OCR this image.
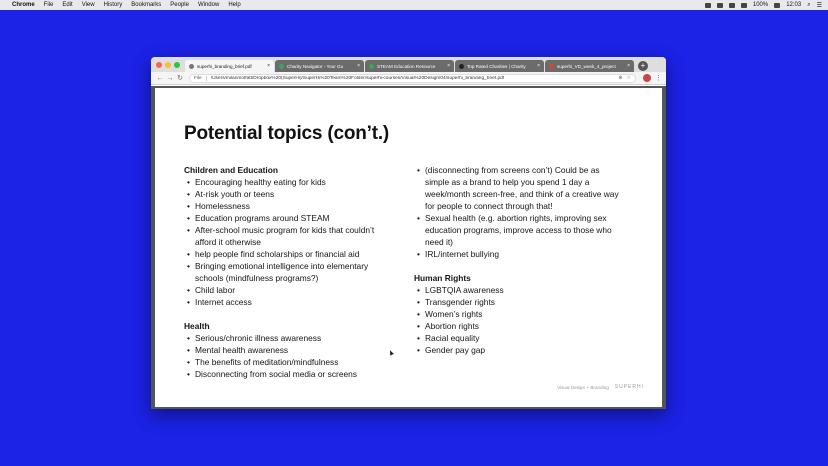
Chrome File Edit View History Bookmarks People Window Help	100%	12:03 ⌕ ☰
superhi_branding_brief.pdf	×	Charity Navigator - Your Gu	×	STEAM Education Resource	×	Top Rated Charities | Charity	×	superhi_VD_week_4_project	×	+
← → ↻	File	/Users/milanmoffatt/Dropbox%20(SuperHi)/SuperHi%20Team%20Folder/superhi-courses/Visual%20Design/04/superhi_branding_brief.pdf	⊕ ☆	⋮
Potential topics (con’t.)
Children and Education
• Encouraging healthy eating for kids
• At-risk youth or teens
• Homelessness
• Education programs around STEAM
• After-school music program for kids that couldn’t afford it otherwise
• help people find scholarships or financial aid
• Bringing emotional intelligence into elementary schools (mindfulness programs?)
• Child labor
• Internet access
Health
• Serious/chronic illness awareness
• Mental health awareness
• The benefits of meditation/mindfulness
• Disconnecting from social media or screens
• (disconnecting from screens con’t) Could be as simple as a brand to help you spend 1 day a week/month screen-free, and think of a creative way for people to connect through that!
• Sexual health (e.g. abortion rights, improving sex education programs, improve access to those who need it)
• IRL/internet bullying
Human Rights
• LGBTQIA awareness
• Transgender rights
• Women’s rights
• Abortion rights
• Racial equality
• Gender pay gap
Visual Design + Branding SUPERHI
